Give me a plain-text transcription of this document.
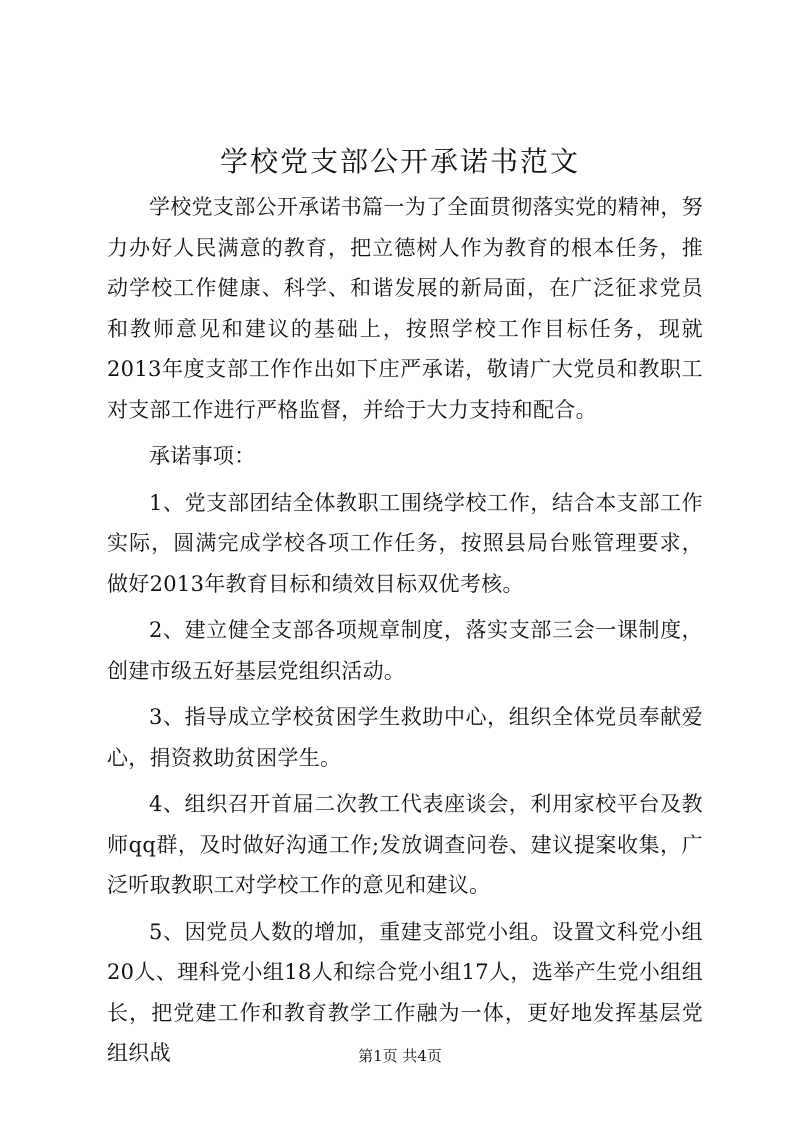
学校党支部公开承诺书范文

学校党支部公开承诺书篇一为了全面贯彻落实党的精神，努力办好人民满意的教育，把立德树人作为教育的根本任务，推动学校工作健康、科学、和谐发展的新局面，在广泛征求党员和教师意见和建议的基础上，按照学校工作目标任务，现就2013年度支部工作作出如下庄严承诺，敬请广大党员和教职工对支部工作进行严格监督，并给于大力支持和配合。

承诺事项：

1、党支部团结全体教职工围绕学校工作，结合本支部工作实际，圆满完成学校各项工作任务，按照县局台账管理要求，做好2013年教育目标和绩效目标双优考核。

2、建立健全支部各项规章制度，落实支部三会一课制度，创建市级五好基层党组织活动。

3、指导成立学校贫困学生救助中心，组织全体党员奉献爱心，捐资救助贫困学生。

4、组织召开首届二次教工代表座谈会，利用家校平台及教师qq群，及时做好沟通工作;发放调查问卷、建议提案收集，广泛听取教职工对学校工作的意见和建议。

5、因党员人数的增加，重建支部党小组。设置文科党小组20人、理科党小组18人和综合党小组17人，选举产生党小组组长，把党建工作和教育教学工作融为一体，更好地发挥基层党组织战	第1页 共4页
